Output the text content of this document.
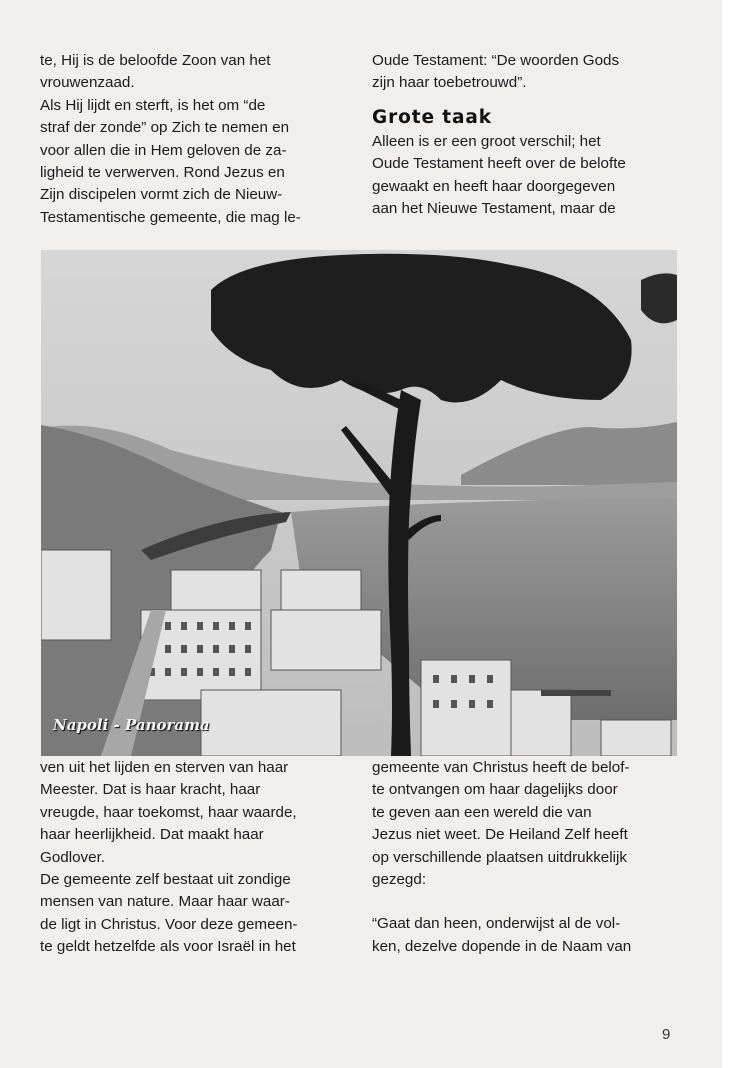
te, Hij is de beloofde Zoon van het
vrouwenzaad.
Als Hij lijdt en sterft, is het om “de
straf der zonde” op Zich te nemen en
voor allen die in Hem geloven de za-
ligheid te verwerven. Rond Jezus en
Zijn discipelen vormt zich de Nieuw-
Testamentische gemeente, die mag le-
Oude Testament: “De woorden Gods
zijn haar toebetrouwd”.
Grote taak
Alleen is er een groot verschil; het
Oude Testament heeft over de belofte
gewaakt en heeft haar doorgegeven
aan het Nieuwe Testament, maar de
Napoli - Panorama
ven uit het lijden en sterven van haar
Meester. Dat is haar kracht, haar
vreugde, haar toekomst, haar waarde,
haar heerlijkheid. Dat maakt haar
Godlover.
De gemeente zelf bestaat uit zondige
mensen van nature. Maar haar waar-
de ligt in Christus. Voor deze gemeen-
te geldt hetzelfde als voor Israël in het
gemeente van Christus heeft de belof-
te ontvangen om haar dagelijks door
te geven aan een wereld die van
Jezus niet weet. De Heiland Zelf heeft
op verschillende plaatsen uitdrukkelijk
gezegd:
“Gaat dan heen, onderwijst al de vol-
ken, dezelve dopende in de Naam van
9
